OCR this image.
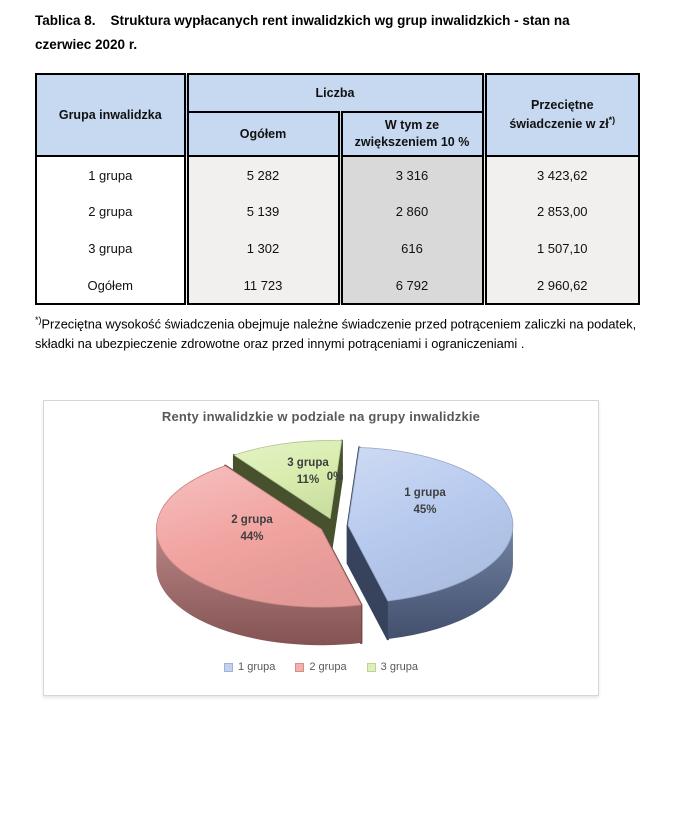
Tablica 8.    Struktura wypłacanych rent inwalidzkich wg grup inwalidzkich - stan na
czerwiec 2020 r.
Grupa inwalidzka	Liczba		Przeciętne świadczenie w zł*)

	Ogółem	W tym ze zwiększeniem 10 %	

1 grupa	5 282	3 316	3 423,62
2 grupa	5 139	2 860	2 853,00
3 grupa	1 302	616	1 507,10
Ogółem	11 723	6 792	2 960,62
*)Przeciętna wysokość świadczenia obejmuje należne świadczenie przed potrąceniem zaliczki na podatek, składki na ubezpieczenie zdrowotne oraz przed innymi potrąceniami i ograniczeniami .
Renty inwalidzkie w podziale na grupy inwalidzkie
1 grupa
45%
2 grupa
44%
3 grupa
11% 0%
1 grupa	2 grupa	3 grupa
